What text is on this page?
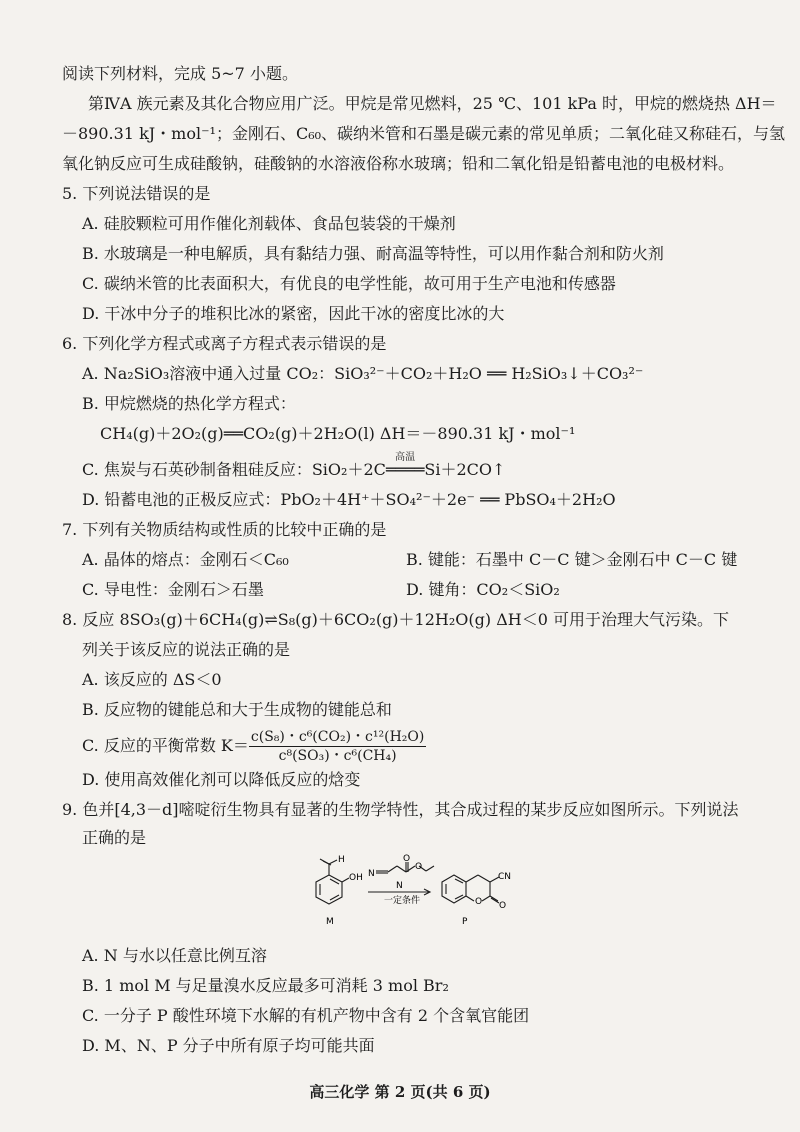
阅读下列材料，完成 5~7 小题。
第ⅣA 族元素及其化合物应用广泛。甲烷是常见燃料，25 ℃、101 kPa 时，甲烷的燃烧热 ΔH＝
－890.31 kJ・mol⁻¹；金刚石、C₆₀、碳纳米管和石墨是碳元素的常见单质；二氧化硅又称硅石，与氢
氧化钠反应可生成硅酸钠，硅酸钠的水溶液俗称水玻璃；铅和二氧化铅是铅蓄电池的电极材料。
5. 下列说法错误的是
A. 硅胶颗粒可用作催化剂载体、食品包装袋的干燥剂
B. 水玻璃是一种电解质，具有黏结力强、耐高温等特性，可以用作黏合剂和防火剂
C. 碳纳米管的比表面积大，有优良的电学性能，故可用于生产电池和传感器
D. 干冰中分子的堆积比冰的紧密，因此干冰的密度比冰的大
6. 下列化学方程式或离子方程式表示错误的是
A. Na₂SiO₃溶液中通入过量 CO₂：SiO₃²⁻＋CO₂＋H₂O ══ H₂SiO₃↓＋CO₃²⁻
B. 甲烷燃烧的热化学方程式：
CH₄(g)＋2O₂(g)══CO₂(g)＋2H₂O(l) ΔH＝－890.31 kJ・mol⁻¹
C. 焦炭与石英砂制备粗硅反应：SiO₂＋2C
高温
════Si＋2CO↑
D. 铅蓄电池的正极反应式：PbO₂＋4H⁺＋SO₄²⁻＋2e⁻ ══ PbSO₄＋2H₂O
7. 下列有关物质结构或性质的比较中正确的是
A. 晶体的熔点：金刚石＜C₆₀	B. 键能：石墨中 C－C 键＞金刚石中 C－C 键
C. 导电性：金刚石＞石墨	D. 键角：CO₂＜SiO₂
8. 反应 8SO₃(g)＋6CH₄(g)⇌S₈(g)＋6CO₂(g)＋12H₂O(g) ΔH＜0 可用于治理大气污染。下
列关于该反应的说法正确的是
A. 该反应的 ΔS＜0
B. 反应物的键能总和大于生成物的键能总和
C. 反应的平衡常数 $K= \frac{\text{c(S₈)・c⁶(CO₂)・c¹²(H₂O)}}{\text{c⁸(SO₃)・c⁶(CH₄)}}$
D. 使用高效催化剂可以降低反应的焓变
9. 色并[4,3－d]嘧啶衍生物具有显著的生物学特性，其合成过程的某步反应如图所示。下列说法
正确的是
H
OH N
O
O
N
一定条件
CN
O O
M	P
A. N 与水以任意比例互溶
B. 1 mol M 与足量溴水反应最多可消耗 3 mol Br₂
C. 一分子 P 酸性环境下水解的有机产物中含有 2 个含氧官能团
D. M、N、P 分子中所有原子均可能共面
高三化学 第 2 页(共 6 页)
